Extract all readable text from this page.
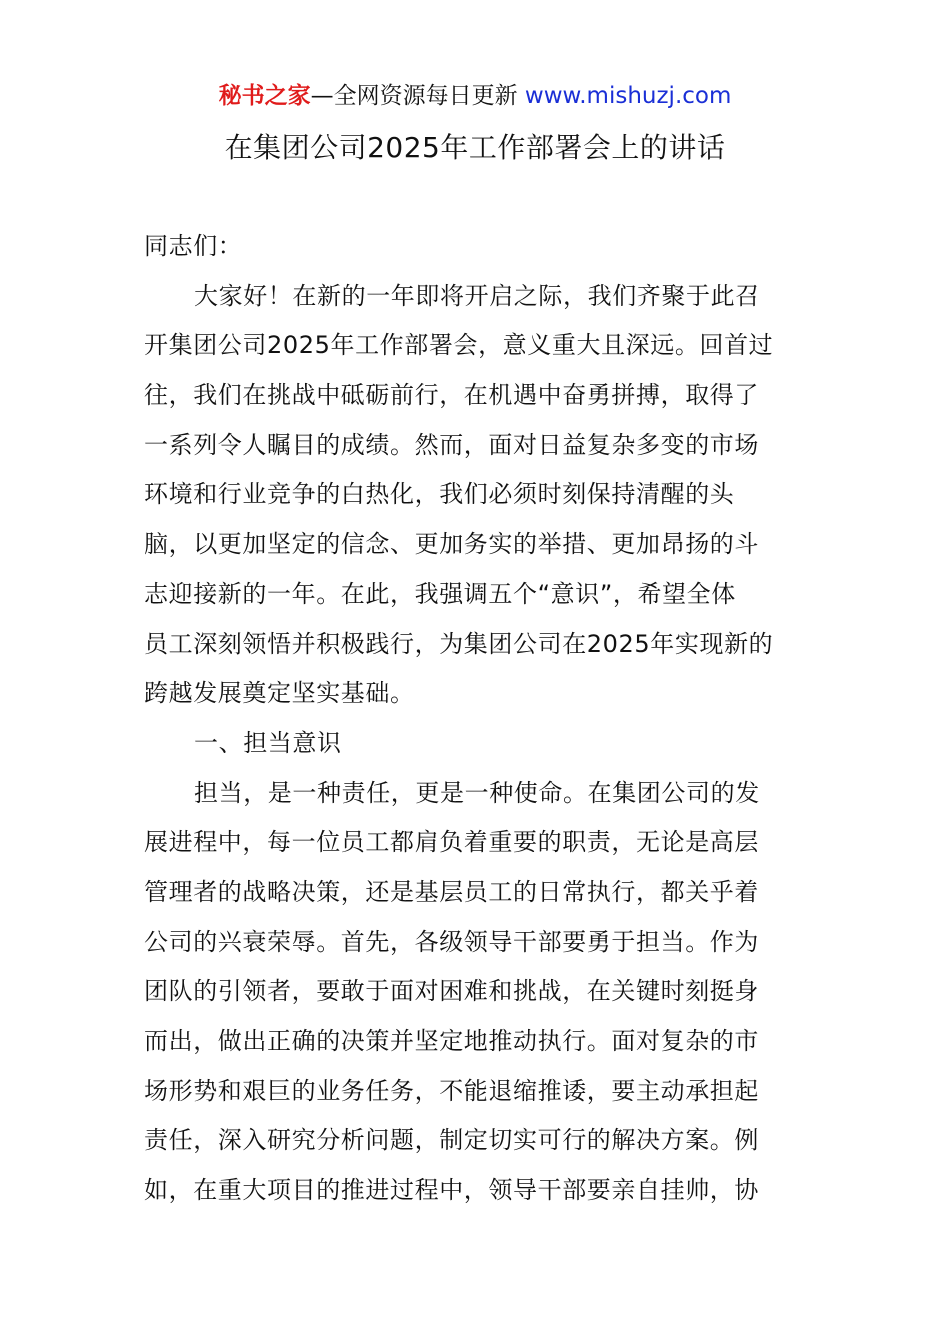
秘书之家—全网资源每日更新 www.mishuzj.com
在集团公司2025年工作部署会上的讲话
同志们：
大家好！在新的一年即将开启之际，我们齐聚于此召
开集团公司2025年工作部署会，意义重大且深远。回首过
往，我们在挑战中砥砺前行，在机遇中奋勇拼搏，取得了
一系列令人瞩目的成绩。然而，面对日益复杂多变的市场
环境和行业竞争的白热化，我们必须时刻保持清醒的头
脑，以更加坚定的信念、更加务实的举措、更加昂扬的斗
志迎接新的一年。在此，我强调五个“意识”，希望全体
员工深刻领悟并积极践行，为集团公司在2025年实现新的
跨越发展奠定坚实基础。
一、担当意识
担当，是一种责任，更是一种使命。在集团公司的发
展进程中，每一位员工都肩负着重要的职责，无论是高层
管理者的战略决策，还是基层员工的日常执行，都关乎着
公司的兴衰荣辱。首先，各级领导干部要勇于担当。作为
团队的引领者，要敢于面对困难和挑战，在关键时刻挺身
而出，做出正确的决策并坚定地推动执行。面对复杂的市
场形势和艰巨的业务任务，不能退缩推诿，要主动承担起
责任，深入研究分析问题，制定切实可行的解决方案。例
如，在重大项目的推进过程中，领导干部要亲自挂帅，协
